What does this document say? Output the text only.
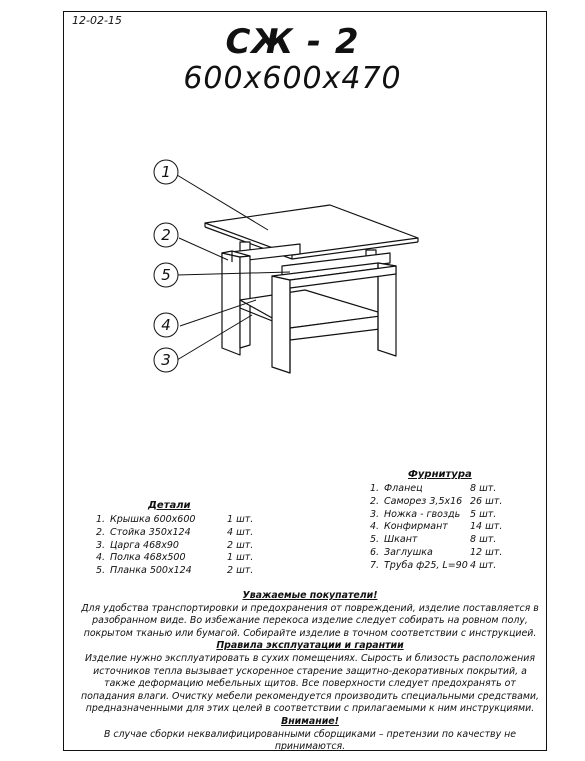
12-02-15
СЖ - 2
600x600x470
1
2
5
4
3
Детали
1. Крышка 600х600	1 шт.
2. Стойка 350х124	4 шт.
3. Царга 468х90	2 шт.
4. Полка 468х500	1 шт.
5. Планка 500х124	2 шт.
Фурнитура
1. Фланец	8 шт.
2. Саморез 3,5х16 26 шт.
3. Ножка - гвоздь 5 шт.
4. Конфирмант 14 шт.
5. Шкант	8 шт.
6. Заглушка	12 шт.
7. Труба ф25, L=90 4 шт.

Уважаемые покупатели!

Для удобства транспортировки и предохранения от повреждений, изделие поставляется в разобранном виде. Во избежание перекоса изделие следует собирать на ровном полу, покрытом тканью или бумагой. Собирайте изделие в точном соответствии с инструкцией.

Правила эксплуатации и гарантии

Изделие нужно эксплуатировать в сухих помещениях. Сырость и близость расположения источников тепла вызывает ускоренное старение защитно-декоративных покрытий, а также деформацию мебельных щитов. Все поверхности следует предохранять от попадания влаги. Очистку мебели рекомендуется производить специальными средствами, предназначенными для этих целей в соответствии с прилагаемыми к ним инструкциями.

Внимание!

В случае сборки неквалифицированными сборщиками – претензии по качеству не принимаются.
